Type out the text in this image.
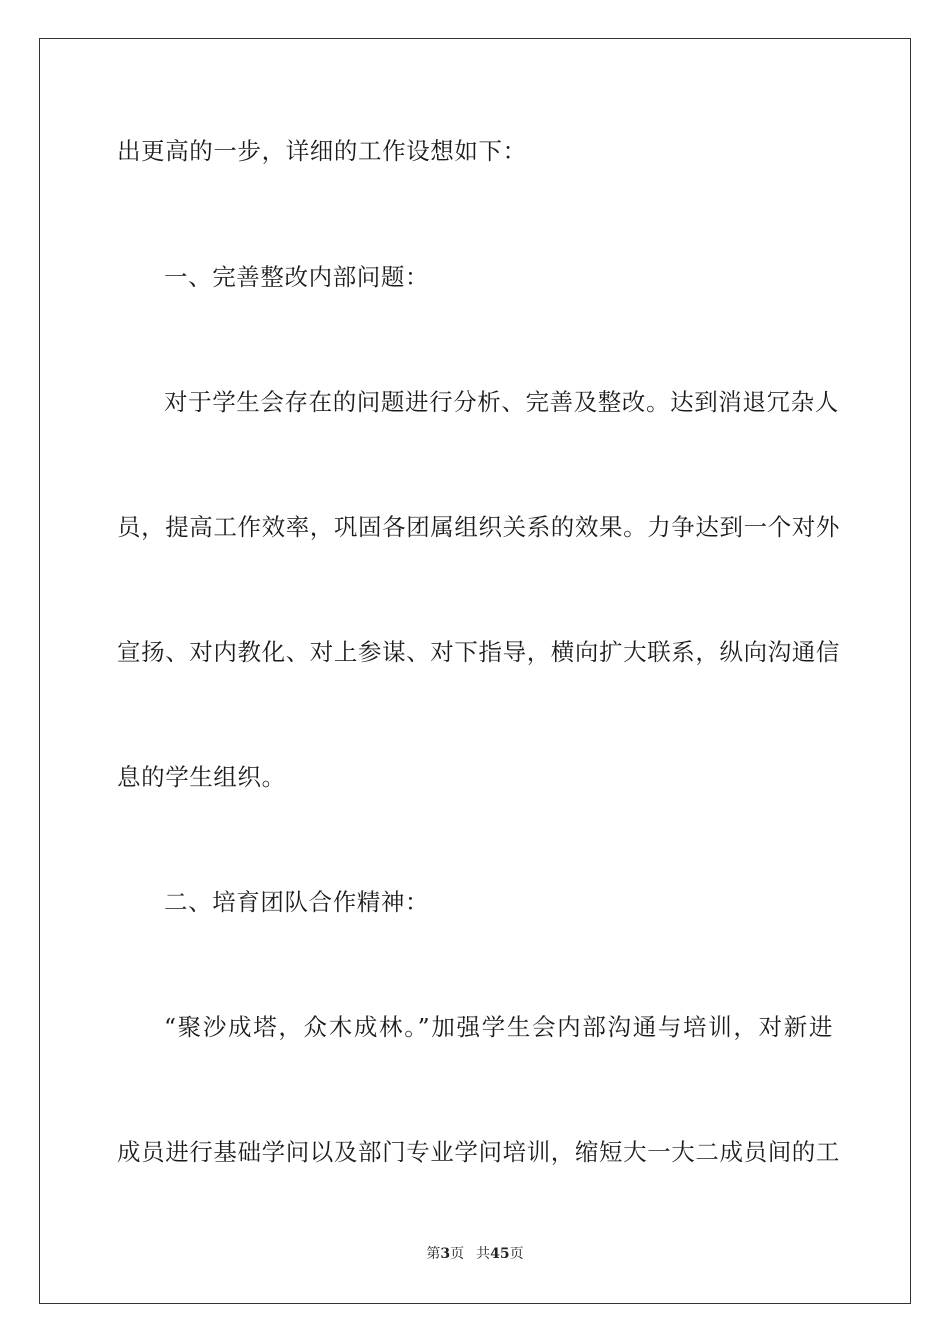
出更高的一步，详细的工作设想如下：
一、完善整改内部问题：
对于学生会存在的问题进行分析、完善及整改。达到消退冗杂人
员，提高工作效率，巩固各团属组织关系的效果。力争达到一个对外
宣扬、对内教化、对上参谋、对下指导，横向扩大联系，纵向沟通信
息的学生组织。
二、培育团队合作精神：
“聚沙成塔，众木成林。”加强学生会内部沟通与培训，对新进
成员进行基础学问以及部门专业学问培训，缩短大一大二成员间的工
第3页 共45页
